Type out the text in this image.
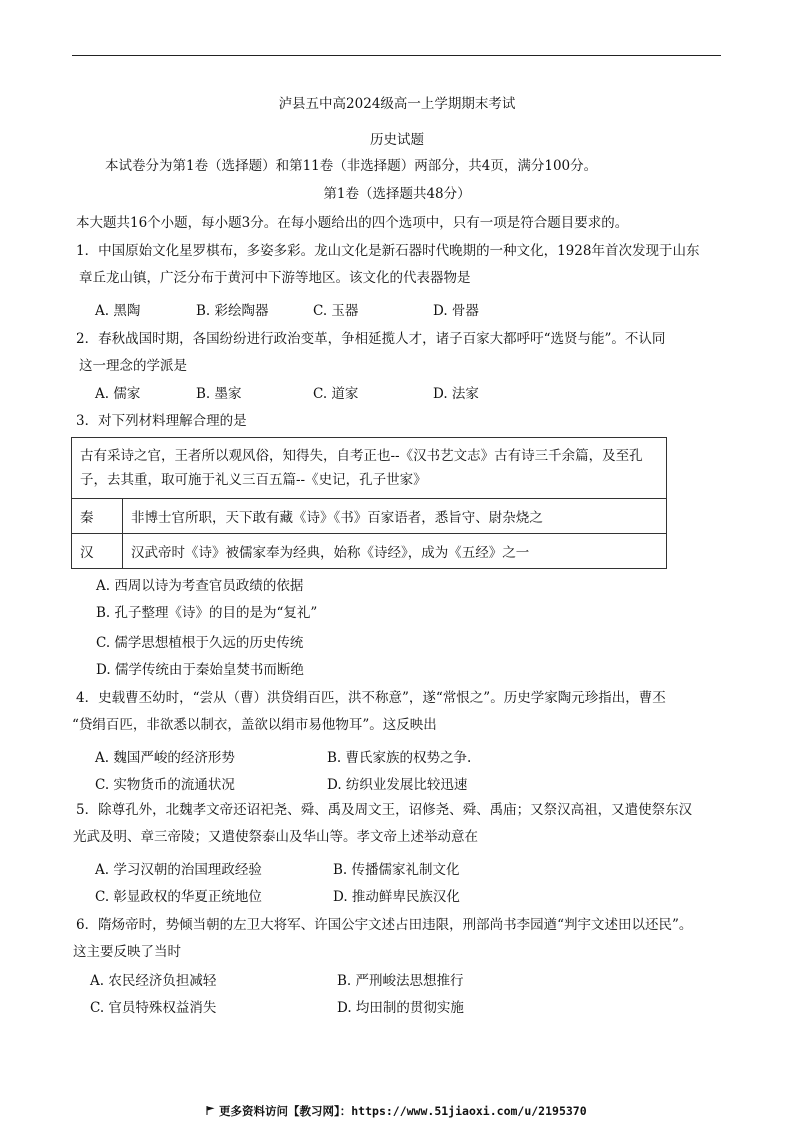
泸县五中高2024级高一上学期期末考试
历史试题
本试卷分为第1卷（选择题）和第11卷（非选择题）两部分，共4页，满分100分。
第1卷（选择题共48分）
本大题共16个小题，每小题3分。在每小题给出的四个选项中，只有一项是符合题目要求的。
1．中国原始文化星罗棋布，多姿多彩。龙山文化是新石器时代晚期的一种文化，1928年首次发现于山东
章丘龙山镇，广泛分布于黄河中下游等地区。该文化的代表器物是
A. 黑陶	B. 彩绘陶器	C. 玉器	D. 骨器
2．春秋战国时期，各国纷纷进行政治变革，争相延揽人才，诸子百家大都呼吁“选贤与能”。不认同
这一理念的学派是
A. 儒家	B. 墨家	C. 道家	D. 法家
3．对下列材料理解合理的是
古有采诗之官，王者所以观风俗，知得失，自考正也--《汉书艺文志》古有诗三千余篇，及至孔
子，去其重，取可施于礼义三百五篇--《史记，孔子世家》	

秦	非博士官所职，天下敢有藏《诗》《书》百家语者，悉旨守、尉杂烧之
汉	汉武帝时《诗》被儒家奉为经典，始称《诗经》，成为《五经》之一
A. 西周以诗为考查官员政绩的依据
B. 孔子整理《诗》的目的是为“复礼”
C. 儒学思想植根于久远的历史传统
D. 儒学传统由于秦始皇焚书而断绝
4．史载曹丕幼时，“尝从（曹）洪贷绢百匹，洪不称意”，遂“常恨之”。历史学家陶元珍指出，曹丕
“贷绢百匹，非欲悉以制衣，盖欲以绢市易他物耳”。这反映出
A. 魏国严峻的经济形势	B. 曹氏家族的权势之争.
C. 实物货币的流通状况	D. 纺织业发展比较迅速
5．除尊孔外，北魏孝文帝还诏祀尧、舜、禹及周文王，诏修尧、舜、禹庙；又祭汉高祖，又遣使祭东汉
光武及明、章三帝陵；又遣使祭泰山及华山等。孝文帝上述举动意在
A. 学习汉朝的治国理政经验	B. 传播儒家礼制文化
C. 彰显政权的华夏正统地位	D. 推动鲜卑民族汉化
6．隋炀帝时，势倾当朝的左卫大将军、许国公宇文述占田违限，刑部尚书李园遒“判宇文述田以还民”。
这主要反映了当时
A. 农民经济负担减轻	B. 严刑峻法思想推行
C. 官员特殊权益消失	D. 均田制的贯彻实施
更多资料访问【教习网】：https://www.51jiaoxi.com/u/2195370
